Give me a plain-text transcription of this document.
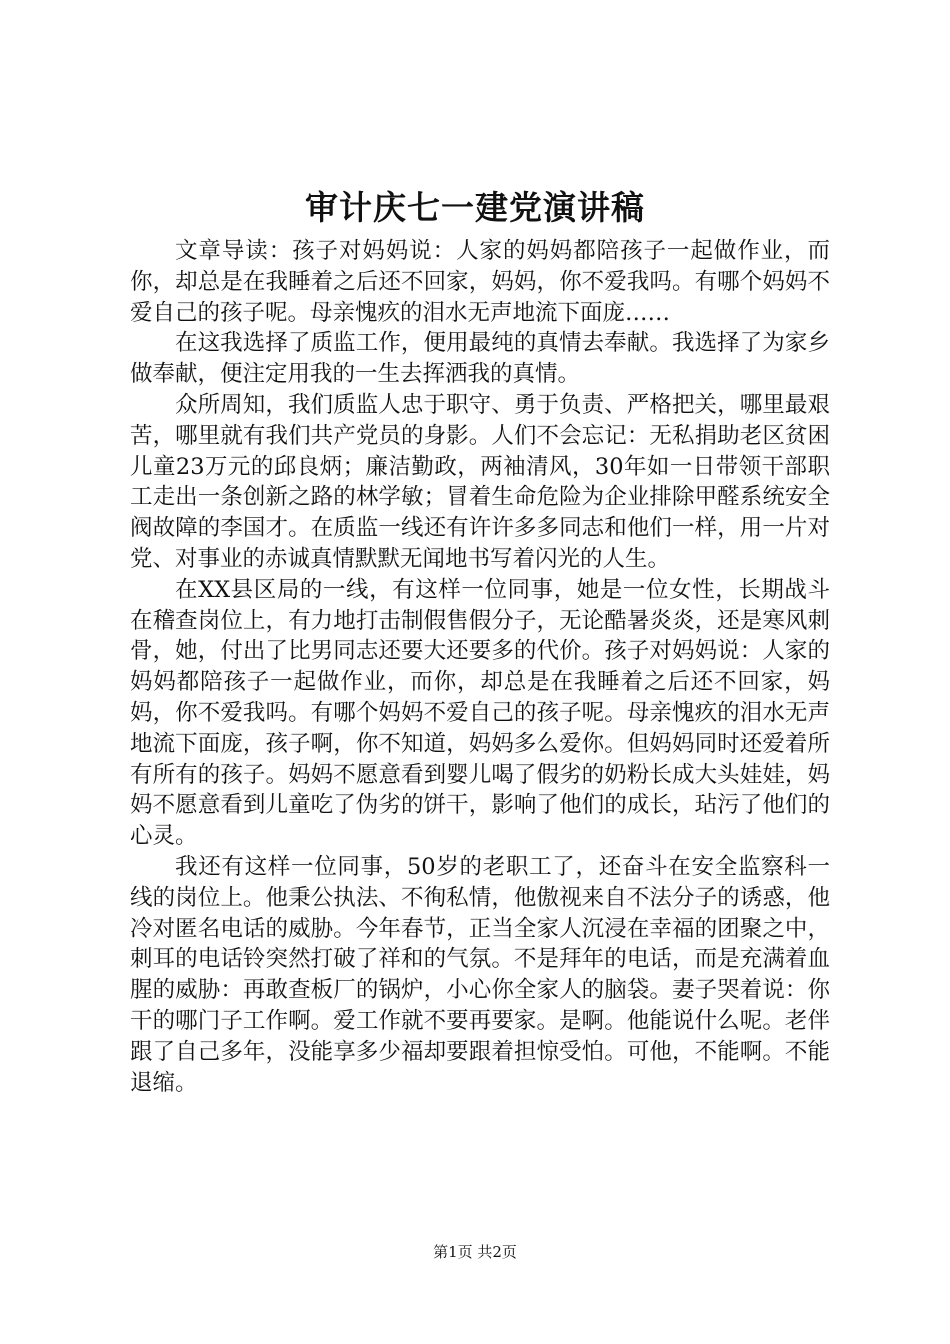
审计庆七一建党演讲稿

文章导读：孩子对妈妈说：人家的妈妈都陪孩子一起做作业，而你，却总是在我睡着之后还不回家，妈妈，你不爱我吗。有哪个妈妈不爱自己的孩子呢。母亲愧疚的泪水无声地流下面庞……

在这我选择了质监工作，便用最纯的真情去奉献。我选择了为家乡做奉献，便注定用我的一生去挥洒我的真情。

众所周知，我们质监人忠于职守、勇于负责、严格把关，哪里最艰苦，哪里就有我们共产党员的身影。人们不会忘记：无私捐助老区贫困儿童23万元的邱良炳；廉洁勤政，两袖清风，30年如一日带领干部职工走出一条创新之路的林学敏；冒着生命危险为企业排除甲醛系统安全阀故障的李国才。在质监一线还有许许多多同志和他们一样，用一片对党、对事业的赤诚真情默默无闻地书写着闪光的人生。

在XX县区局的一线，有这样一位同事，她是一位女性，长期战斗在稽查岗位上，有力地打击制假售假分子，无论酷暑炎炎，还是寒风刺骨，她，付出了比男同志还要大还要多的代价。孩子对妈妈说：人家的妈妈都陪孩子一起做作业，而你，却总是在我睡着之后还不回家，妈妈，你不爱我吗。有哪个妈妈不爱自己的孩子呢。母亲愧疚的泪水无声地流下面庞，孩子啊，你不知道，妈妈多么爱你。但妈妈同时还爱着所有所有的孩子。妈妈不愿意看到婴儿喝了假劣的奶粉长成大头娃娃，妈妈不愿意看到儿童吃了伪劣的饼干，影响了他们的成长，玷污了他们的心灵。

我还有这样一位同事，50岁的老职工了，还奋斗在安全监察科一线的岗位上。他秉公执法、不徇私情，他傲视来自不法分子的诱惑，他冷对匿名电话的威胁。今年春节，正当全家人沉浸在幸福的团聚之中，刺耳的电话铃突然打破了祥和的气氛。不是拜年的电话，而是充满着血腥的威胁：再敢查板厂的锅炉，小心你全家人的脑袋。妻子哭着说：你干的哪门子工作啊。爱工作就不要再要家。是啊。他能说什么呢。老伴跟了自己多年，没能享多少福却要跟着担惊受怕。可他，不能啊。不能退缩。

第1页 共2页
